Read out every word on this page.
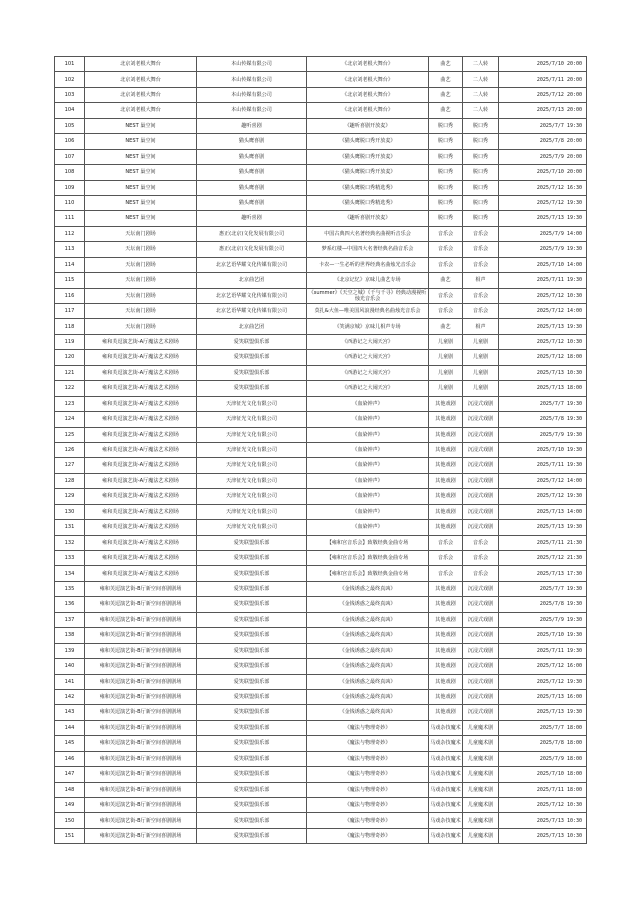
101	北京刘老根大舞台	本山传媒有限公司	《北京刘老根大舞台》	曲艺	二人转	2025/7/10 20:00
102	北京刘老根大舞台	本山传媒有限公司	《北京刘老根大舞台》	曲艺	二人转	2025/7/11 20:00
103	北京刘老根大舞台	本山传媒有限公司	《北京刘老根大舞台》	曲艺	二人转	2025/7/12 20:00
104	北京刘老根大舞台	本山传媒有限公司	《北京刘老根大舞台》	曲艺	二人转	2025/7/13 20:00
105	NEST 巢空间	趣听喜剧	《趣听喜剧开放麦》	脱口秀	脱口秀	2025/7/7 19:30
106	NEST 巢空间	猫头鹰喜剧	《猫头鹰脱口秀开放麦》	脱口秀	脱口秀	2025/7/8 20:00
107	NEST 巢空间	猫头鹰喜剧	《猫头鹰脱口秀开放麦》	脱口秀	脱口秀	2025/7/9 20:00
108	NEST 巢空间	猫头鹰喜剧	《猫头鹰脱口秀开放麦》	脱口秀	脱口秀	2025/7/10 20:00
109	NEST 巢空间	猫头鹰喜剧	《猫头鹰脱口秀精选秀》	脱口秀	脱口秀	2025/7/12 16:30
110	NEST 巢空间	猫头鹰喜剧	《猫头鹰脱口秀精选秀》	脱口秀	脱口秀	2025/7/12 19:30
111	NEST 巢空间	趣听喜剧	《趣听喜剧开放麦》	脱口秀	脱口秀	2025/7/13 19:30
112	天坛南门剧场	惠正(北京)文化发展有限公司	中国古典四大名著经典名曲视听音乐会	音乐会	音乐会	2025/7/9 14:00
113	天坛南门剧场	惠正(北京)文化发展有限公司	梦系红楼—中国四大名著经典名曲音乐会	音乐会	音乐会	2025/7/9 19:30
114	天坛南门剧场	北京艺语华耀文化传媒有限公司	卡农—一生必听的世界经典名曲烛光音乐会	音乐会	音乐会	2025/7/10 14:00
115	天坛南门剧场	北京曲艺团	《北京记忆》京味儿曲艺专场	曲艺	相声	2025/7/11 19:30
116	天坛南门剧场	北京艺语华耀文化传媒有限公司	《summer》《天空之城》《千与千寻》经典动漫视听烛光音乐会	音乐会	音乐会	2025/7/12 10:30
117	天坛南门剧场	北京艺语华耀文化传媒有限公司	莫扎&大鱼—唯美国风浪漫经典名曲烛光音乐会	音乐会	音乐会	2025/7/12 14:00
118	天坛南门剧场	北京曲艺团	《笑满京城》京味儿相声专场	曲艺	相声	2025/7/13 19:30
119	雍和芙逗演艺街-A厅魔法艺术剧场	爱笑联盟俱乐部	《西游记之大闹天宫》	儿童剧	儿童剧	2025/7/12 10:30
120	雍和芙逗演艺街-A厅魔法艺术剧场	爱笑联盟俱乐部	《西游记之大闹天宫》	儿童剧	儿童剧	2025/7/12 18:00
121	雍和芙逗演艺街-A厅魔法艺术剧场	爱笑联盟俱乐部	《西游记之大闹天宫》	儿童剧	儿童剧	2025/7/13 10:30
122	雍和芙逗演艺街-A厅魔法艺术剧场	爱笑联盟俱乐部	《西游记之大闹天宫》	儿童剧	儿童剧	2025/7/13 18:00
123	雍和芙逗演艺街-A厅魔法艺术剧场	天津征光文化有限公司	《血染钟声》	其他戏剧	沉浸式戏剧	2025/7/7 19:30
124	雍和芙逗演艺街-A厅魔法艺术剧场	天津征光文化有限公司	《血染钟声》	其他戏剧	沉浸式戏剧	2025/7/8 19:30
125	雍和芙逗演艺街-A厅魔法艺术剧场	天津征光文化有限公司	《血染钟声》	其他戏剧	沉浸式戏剧	2025/7/9 19:30
126	雍和芙逗演艺街-A厅魔法艺术剧场	天津征光文化有限公司	《血染钟声》	其他戏剧	沉浸式戏剧	2025/7/10 19:30
127	雍和芙逗演艺街-A厅魔法艺术剧场	天津征光文化有限公司	《血染钟声》	其他戏剧	沉浸式戏剧	2025/7/11 19:30
128	雍和芙逗演艺街-A厅魔法艺术剧场	天津征光文化有限公司	《血染钟声》	其他戏剧	沉浸式戏剧	2025/7/12 14:00
129	雍和芙逗演艺街-A厅魔法艺术剧场	天津征光文化有限公司	《血染钟声》	其他戏剧	沉浸式戏剧	2025/7/12 19:30
130	雍和芙逗演艺街-A厅魔法艺术剧场	天津征光文化有限公司	《血染钟声》	其他戏剧	沉浸式戏剧	2025/7/13 14:00
131	雍和芙逗演艺街-A厅魔法艺术剧场	天津征光文化有限公司	《血染钟声》	其他戏剧	沉浸式戏剧	2025/7/13 19:30
132	雍和芙逗演艺街-A厅魔法艺术剧场	爱笑联盟俱乐部	【雍和宫音乐会】致敬经典金曲专场	音乐会	音乐会	2025/7/11 21:30
133	雍和芙逗演艺街-A厅魔法艺术剧场	爱笑联盟俱乐部	【雍和宫音乐会】致敬经典金曲专场	音乐会	音乐会	2025/7/12 21:30
134	雍和芙逗演艺街-A厅魔法艺术剧场	爱笑联盟俱乐部	【雍和宫音乐会】致敬经典金曲专场	音乐会	音乐会	2025/7/13 17:30
135	雍和芙逗演艺街-B厅新空间喜剧剧场	爱笑联盟俱乐部	《金钱诱惑之最终真凶》	其他戏剧	沉浸式戏剧	2025/7/7 19:30
136	雍和芙逗演艺街-B厅新空间喜剧剧场	爱笑联盟俱乐部	《金钱诱惑之最终真凶》	其他戏剧	沉浸式戏剧	2025/7/8 19:30
137	雍和芙逗演艺街-B厅新空间喜剧剧场	爱笑联盟俱乐部	《金钱诱惑之最终真凶》	其他戏剧	沉浸式戏剧	2025/7/9 19:30
138	雍和芙逗演艺街-B厅新空间喜剧剧场	爱笑联盟俱乐部	《金钱诱惑之最终真凶》	其他戏剧	沉浸式戏剧	2025/7/10 19:30
139	雍和芙逗演艺街-B厅新空间喜剧剧场	爱笑联盟俱乐部	《金钱诱惑之最终真凶》	其他戏剧	沉浸式戏剧	2025/7/11 19:30
140	雍和芙逗演艺街-B厅新空间喜剧剧场	爱笑联盟俱乐部	《金钱诱惑之最终真凶》	其他戏剧	沉浸式戏剧	2025/7/12 16:00
141	雍和芙逗演艺街-B厅新空间喜剧剧场	爱笑联盟俱乐部	《金钱诱惑之最终真凶》	其他戏剧	沉浸式戏剧	2025/7/12 19:30
142	雍和芙逗演艺街-B厅新空间喜剧剧场	爱笑联盟俱乐部	《金钱诱惑之最终真凶》	其他戏剧	沉浸式戏剧	2025/7/13 16:00
143	雍和芙逗演艺街-B厅新空间喜剧剧场	爱笑联盟俱乐部	《金钱诱惑之最终真凶》	其他戏剧	沉浸式戏剧	2025/7/13 19:30
144	雍和芙逗演艺街-B厅新空间喜剧剧场	爱笑联盟俱乐部	《魔法与物理奇妙》	马戏杂技魔术	儿童魔术剧	2025/7/7 18:00
145	雍和芙逗演艺街-B厅新空间喜剧剧场	爱笑联盟俱乐部	《魔法与物理奇妙》	马戏杂技魔术	儿童魔术剧	2025/7/8 18:00
146	雍和芙逗演艺街-B厅新空间喜剧剧场	爱笑联盟俱乐部	《魔法与物理奇妙》	马戏杂技魔术	儿童魔术剧	2025/7/9 18:00
147	雍和芙逗演艺街-B厅新空间喜剧剧场	爱笑联盟俱乐部	《魔法与物理奇妙》	马戏杂技魔术	儿童魔术剧	2025/7/10 18:00
148	雍和芙逗演艺街-B厅新空间喜剧剧场	爱笑联盟俱乐部	《魔法与物理奇妙》	马戏杂技魔术	儿童魔术剧	2025/7/11 18:00
149	雍和芙逗演艺街-B厅新空间喜剧剧场	爱笑联盟俱乐部	《魔法与物理奇妙》	马戏杂技魔术	儿童魔术剧	2025/7/12 10:30
150	雍和芙逗演艺街-B厅新空间喜剧剧场	爱笑联盟俱乐部	《魔法与物理奇妙》	马戏杂技魔术	儿童魔术剧	2025/7/13 10:30
151	雍和芙逗演艺街-B厅新空间喜剧剧场	爱笑联盟俱乐部	《魔法与物理奇妙》	马戏杂技魔术	儿童魔术剧	2025/7/13 10:30
